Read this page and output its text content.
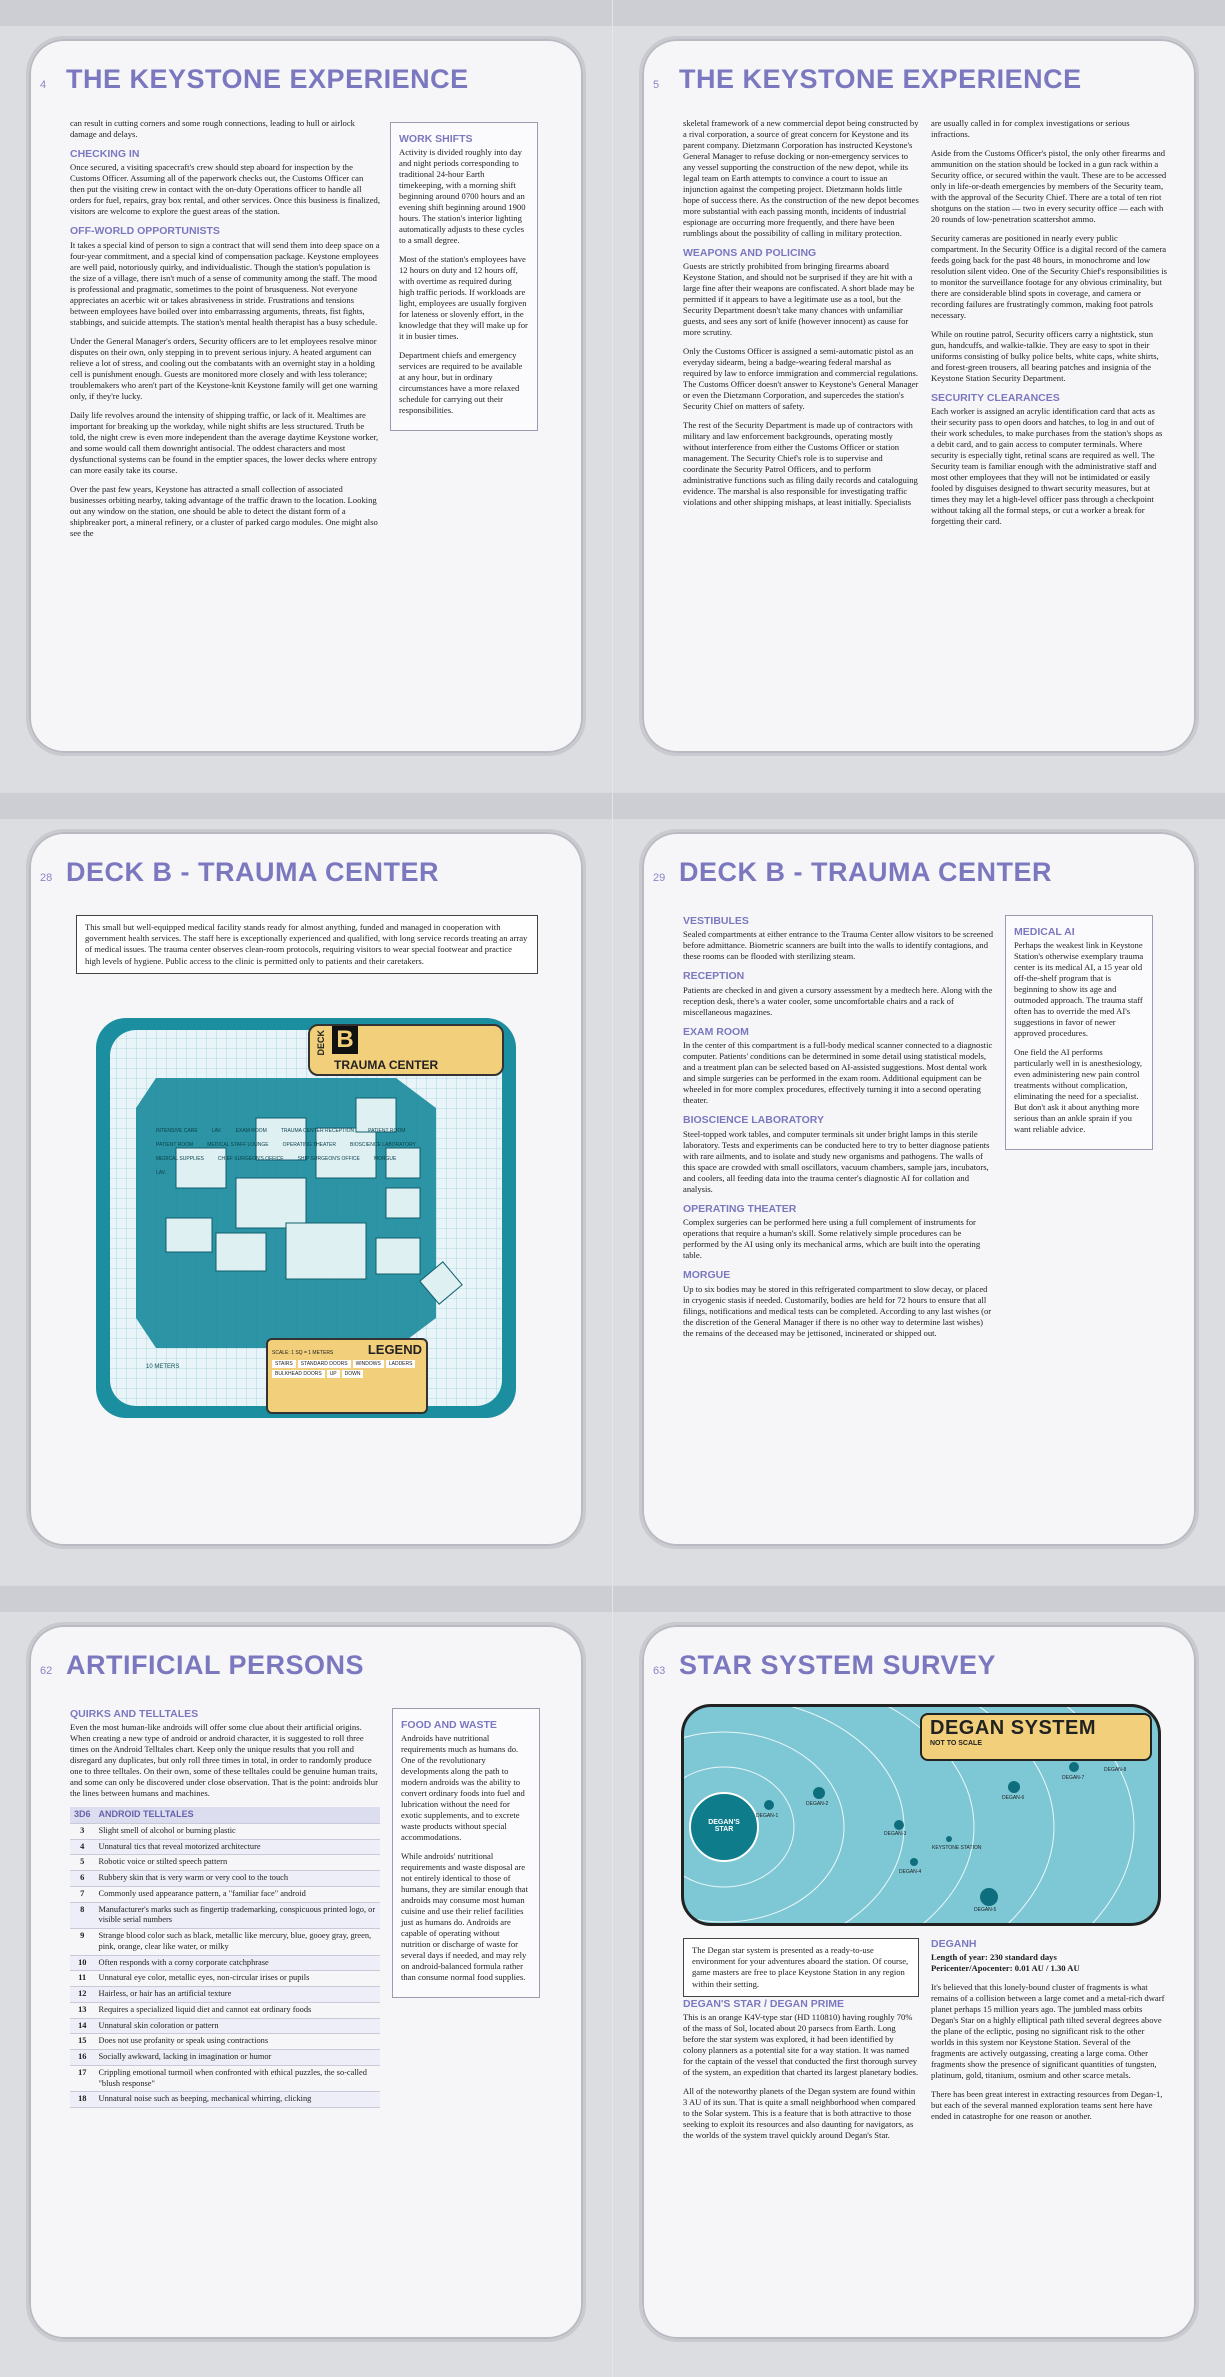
4 THE KEYSTONE EXPERIENCE

can result in cutting corners and some rough connections, leading to hull or airlock damage and delays.

CHECKING IN

Once secured, a visiting spacecraft's crew should step aboard for inspection by the Customs Officer. Assuming all of the paperwork checks out, the Customs Officer can then put the visiting crew in contact with the on-duty Operations officer to handle all orders for fuel, repairs, gray box rental, and other services. Once this business is finalized, visitors are welcome to explore the guest areas of the station.

OFF-WORLD OPPORTUNISTS

It takes a special kind of person to sign a contract that will send them into deep space on a four-year commitment, and a special kind of compensation package. Keystone employees are well paid, notoriously quirky, and individualistic. Though the station's population is the size of a village, there isn't much of a sense of community among the staff. The mood is professional and pragmatic, sometimes to the point of brusqueness. Not everyone appreciates an acerbic wit or takes abrasiveness in stride. Frustrations and tensions between employees have boiled over into embarrassing arguments, threats, fist fights, stabbings, and suicide attempts. The station's mental health therapist has a busy schedule.

Under the General Manager's orders, Security officers are to let employees resolve minor disputes on their own, only stepping in to prevent serious injury. A heated argument can relieve a lot of stress, and cooling out the combatants with an overnight stay in a holding cell is punishment enough. Guests are monitored more closely and with less tolerance; troublemakers who aren't part of the Keystone-knit Keystone family will get one warning only, if they're lucky.

Daily life revolves around the intensity of shipping traffic, or lack of it. Mealtimes are important for breaking up the workday, while night shifts are less structured. Truth be told, the night crew is even more independent than the average daytime Keystone worker, and some would call them downright antisocial. The oddest characters and most dysfunctional systems can be found in the emptier spaces, the lower decks where entropy can more easily take its course.

Over the past few years, Keystone has attracted a small collection of associated businesses orbiting nearby, taking advantage of the traffic drawn to the location. Looking out any window on the station, one should be able to detect the distant form of a shipbreaker port, a mineral refinery, or a cluster of parked cargo modules. One might also see the

WORK SHIFTS

Activity is divided roughly into day and night periods corresponding to traditional 24-hour Earth timekeeping, with a morning shift beginning around 0700 hours and an evening shift beginning around 1900 hours. The station's interior lighting automatically adjusts to these cycles to a small degree.

Most of the station's employees have 12 hours on duty and 12 hours off, with overtime as required during high traffic periods. If workloads are light, employees are usually forgiven for lateness or slovenly effort, in the knowledge that they will make up for it in busier times.

Department chiefs and emergency services are required to be available at any hour, but in ordinary circumstances have a more relaxed schedule for carrying out their responsibilities.

5 THE KEYSTONE EXPERIENCE

skeletal framework of a new commercial depot being constructed by a rival corporation, a source of great concern for Keystone and its parent company. Dietzmann Corporation has instructed Keystone's General Manager to refuse docking or non-emergency services to any vessel supporting the construction of the new depot, while its legal team on Earth attempts to convince a court to issue an injunction against the competing project. Dietzmann holds little hope of success there. As the construction of the new depot becomes more substantial with each passing month, incidents of industrial espionage are occurring more frequently, and there have been rumblings about the possibility of calling in military protection.

WEAPONS AND POLICING

Guests are strictly prohibited from bringing firearms aboard Keystone Station, and should not be surprised if they are hit with a large fine after their weapons are confiscated. A short blade may be permitted if it appears to have a legitimate use as a tool, but the Security Department doesn't take many chances with unfamiliar guests, and sees any sort of knife (however innocent) as cause for more scrutiny.

Only the Customs Officer is assigned a semi-automatic pistol as an everyday sidearm, being a badge-wearing federal marshal as required by law to enforce immigration and commercial regulations. The Customs Officer doesn't answer to Keystone's General Manager or even the Dietzmann Corporation, and supercedes the station's Security Chief on matters of safety.

The rest of the Security Department is made up of contractors with military and law enforcement backgrounds, operating mostly without interference from either the Customs Officer or station management. The Security Chief's role is to supervise and coordinate the Security Patrol Officers, and to perform administrative functions such as filing daily records and cataloguing evidence. The marshal is also responsible for investigating traffic violations and other shipping mishaps, at least initially. Specialists

are usually called in for complex investigations or serious infractions.

Aside from the Customs Officer's pistol, the only other firearms and ammunition on the station should be locked in a gun rack within a Security office, or secured within the vault. These are to be accessed only in life-or-death emergencies by members of the Security team, with the approval of the Security Chief. There are a total of ten riot shotguns on the station — two in every security office — each with 20 rounds of low-penetration scattershot ammo.

Security cameras are positioned in nearly every public compartment. In the Security Office is a digital record of the camera feeds going back for the past 48 hours, in monochrome and low resolution silent video. One of the Security Chief's responsibilities is to monitor the surveillance footage for any obvious criminality, but there are considerable blind spots in coverage, and camera or recording failures are frustratingly common, making foot patrols necessary.

While on routine patrol, Security officers carry a nightstick, stun gun, handcuffs, and walkie-talkie. They are easy to spot in their uniforms consisting of bulky police belts, white caps, white shirts, and forest-green trousers, all bearing patches and insignia of the Keystone Station Security Department.

SECURITY CLEARANCES

Each worker is assigned an acrylic identification card that acts as their security pass to open doors and hatches, to log in and out of their work schedules, to make purchases from the station's shops as a debit card, and to gain access to computer terminals. Where security is especially tight, retinal scans are required as well. The Security team is familiar enough with the administrative staff and most other employees that they will not be intimidated or easily fooled by disguises designed to thwart security measures, but at times they may let a high-level officer pass through a checkpoint without taking all the formal steps, or cut a worker a break for forgetting their card.

28 DECK B - TRAUMA CENTER
This small but well-equipped medical facility stands ready for almost anything, funded and managed in cooperation with government health services. The staff here is exceptionally experienced and qualified, with long service records treating an array of medical issues. The trauma center observes clean-room protocols, requiring visitors to wear special footwear and practice high levels of hygiene. Public access to the clinic is permitted only to patients and their caretakers.
DECK B
TRAUMA CENTER
SCALE: 1 SQ = 1 METERS	LEGEND
STAIRS	STANDARD DOORS	WINDOWS	LADDERS
BULKHEAD DOORS	UP	DOWN
10 METERS
INTENSIVE CARE	LAV.	EXAM ROOM	TRAUMA CENTER RECEPTION	PATIENT ROOM
PATIENT ROOM	MEDICAL STAFF LOUNGE	OPERATING THEATER	BIOSCIENCE LABORATORY
MEDICAL SUPPLIES	CHIEF SURGEON'S OFFICE	SHIP SURGEON'S OFFICE	MORGUE
LAV.
29 DECK B - TRAUMA CENTER
VESTIBULES

Sealed compartments at either entrance to the Trauma Center allow visitors to be screened before admittance. Biometric scanners are built into the walls to identify contagions, and these rooms can be flooded with sterilizing steam.

RECEPTION

Patients are checked in and given a cursory assessment by a medtech here. Along with the reception desk, there's a water cooler, some uncomfortable chairs and a rack of miscellaneous magazines.

EXAM ROOM

In the center of this compartment is a full-body medical scanner connected to a diagnostic computer. Patients' conditions can be determined in some detail using statistical models, and a treatment plan can be selected based on AI-assisted suggestions. Most dental work and simple surgeries can be performed in the exam room. Additional equipment can be wheeled in for more complex procedures, effectively turning it into a second operating theater.

BIOSCIENCE LABORATORY

Steel-topped work tables, and computer terminals sit under bright lamps in this sterile laboratory. Tests and experiments can be conducted here to try to better diagnose patients with rare ailments, and to isolate and study new organisms and pathogens. The walls of this space are crowded with small oscillators, vacuum chambers, sample jars, incubators, and coolers, all feeding data into the trauma center's diagnostic AI for collation and analysis.

OPERATING THEATER

Complex surgeries can be performed here using a full complement of instruments for operations that require a human's skill. Some relatively simple procedures can be performed by the AI using only its mechanical arms, which are built into the operating table.

MORGUE

Up to six bodies may be stored in this refrigerated compartment to slow decay, or placed in cryogenic stasis if needed. Customarily, bodies are held for 72 hours to ensure that all filings, notifications and medical tests can be completed. According to any last wishes (or the discretion of the General Manager if there is no other way to determine last wishes) the remains of the deceased may be jettisoned, incinerated or shipped out.

MEDICAL AI

Perhaps the weakest link in Keystone Station's otherwise exemplary trauma center is its medical AI, a 15 year old off-the-shelf program that is beginning to show its age and outmoded approach. The trauma staff often has to override the med AI's suggestions in favor of newer approved procedures.

One field the AI performs particularly well in is anesthesiology, even administering new pain control treatments without complication, eliminating the need for a specialist. But don't ask it about anything more serious than an ankle sprain if you want reliable advice.

62 ARTIFICIAL PERSONS
QUIRKS AND TELLTALES

Even the most human-like androids will offer some clue about their artificial origins. When creating a new type of android or android character, it is suggested to roll three times on the Android Telltales chart. Keep only the unique results that you roll and disregard any duplicates, but only roll three times in total, in order to randomly produce one to three telltales. On their own, some of these telltales could be genuine human traits, and some can only be discovered under close observation. That is the point: androids blur the lines between humans and machines.

3D6	ANDROID TELLTALES
3	Slight smell of alcohol or burning plastic
4	Unnatural tics that reveal motorized architecture
5	Robotic voice or stilted speech pattern
6	Rubbery skin that is very warm or very cool to the touch
7	Commonly used appearance pattern, a "familiar face" android
8	Manufacturer's marks such as fingertip trademarking, conspicuous printed logo, or visible serial numbers
9	Strange blood color such as black, metallic like mercury, blue, gooey gray, green, pink, orange, clear like water, or milky
10	Often responds with a corny corporate catchphrase
11	Unnatural eye color, metallic eyes, non-circular irises or pupils
12	Hairless, or hair has an artificial texture
13	Requires a specialized liquid diet and cannot eat ordinary foods
14	Unnatural skin coloration or pattern
15	Does not use profanity or speak using contractions
16	Socially awkward, lacking in imagination or humor
17	Crippling emotional turmoil when confronted with ethical puzzles, the so-called "blush response"
18	Unnatural noise such as beeping, mechanical whirring, clicking
FOOD AND WASTE

Androids have nutritional requirements much as humans do. One of the revolutionary developments along the path to modern androids was the ability to convert ordinary foods into fuel and lubrication without the need for exotic supplements, and to excrete waste products without special accommodations.

While androids' nutritional requirements and waste disposal are not entirely identical to those of humans, they are similar enough that androids may consume most human cuisine and use their relief facilities just as humans do. Androids are capable of operating without nutrition or discharge of waste for several days if needed, and may rely on android-balanced formula rather than consume normal food supplies.

63 STAR SYSTEM SURVEY
DEGAN SYSTEM
NOT TO SCALE
DEGAN'S STAR
DEGAN-1
DEGAN-2
DEGAN-3
KEYSTONE STATION
DEGAN-4
DEGAN-5
DEGAN-6
DEGAN-7
DEGAN-8
The Degan star system is presented as a ready-to-use environment for your adventures aboard the station. Of course, game masters are free to place Keystone Station in any region within their setting.
DEGAN'S STAR / DEGAN PRIME

This is an orange K4V-type star (HD 110810) having roughly 70% of the mass of Sol, located about 20 parsecs from Earth. Long before the star system was explored, it had been identified by colony planners as a potential site for a way station. It was named for the captain of the vessel that conducted the first thorough survey of the system, an expedition that charted its largest planetary bodies.

All of the noteworthy planets of the Degan system are found within 3 AU of its sun. That is quite a small neighborhood when compared to the Solar system. This is a feature that is both attractive to those seeking to exploit its resources and also daunting for navigators, as the worlds of the system travel quickly around Degan's Star.

DEGANH

Length of year: 230 standard days

Pericenter/Apocenter: 0.01 AU / 1.30 AU

It's believed that this lonely-bound cluster of fragments is what remains of a collision between a large comet and a metal-rich dwarf planet perhaps 15 million years ago. The jumbled mass orbits Degan's Star on a highly elliptical path tilted several degrees above the plane of the ecliptic, posing no significant risk to the other worlds in this system nor Keystone Station. Several of the fragments are actively outgassing, creating a large coma. Other fragments show the presence of significant quantities of tungsten, platinum, gold, titanium, osmium and other scarce metals.

There has been great interest in extracting resources from Degan-1, but each of the several manned exploration teams sent here have ended in catastrophe for one reason or another.
